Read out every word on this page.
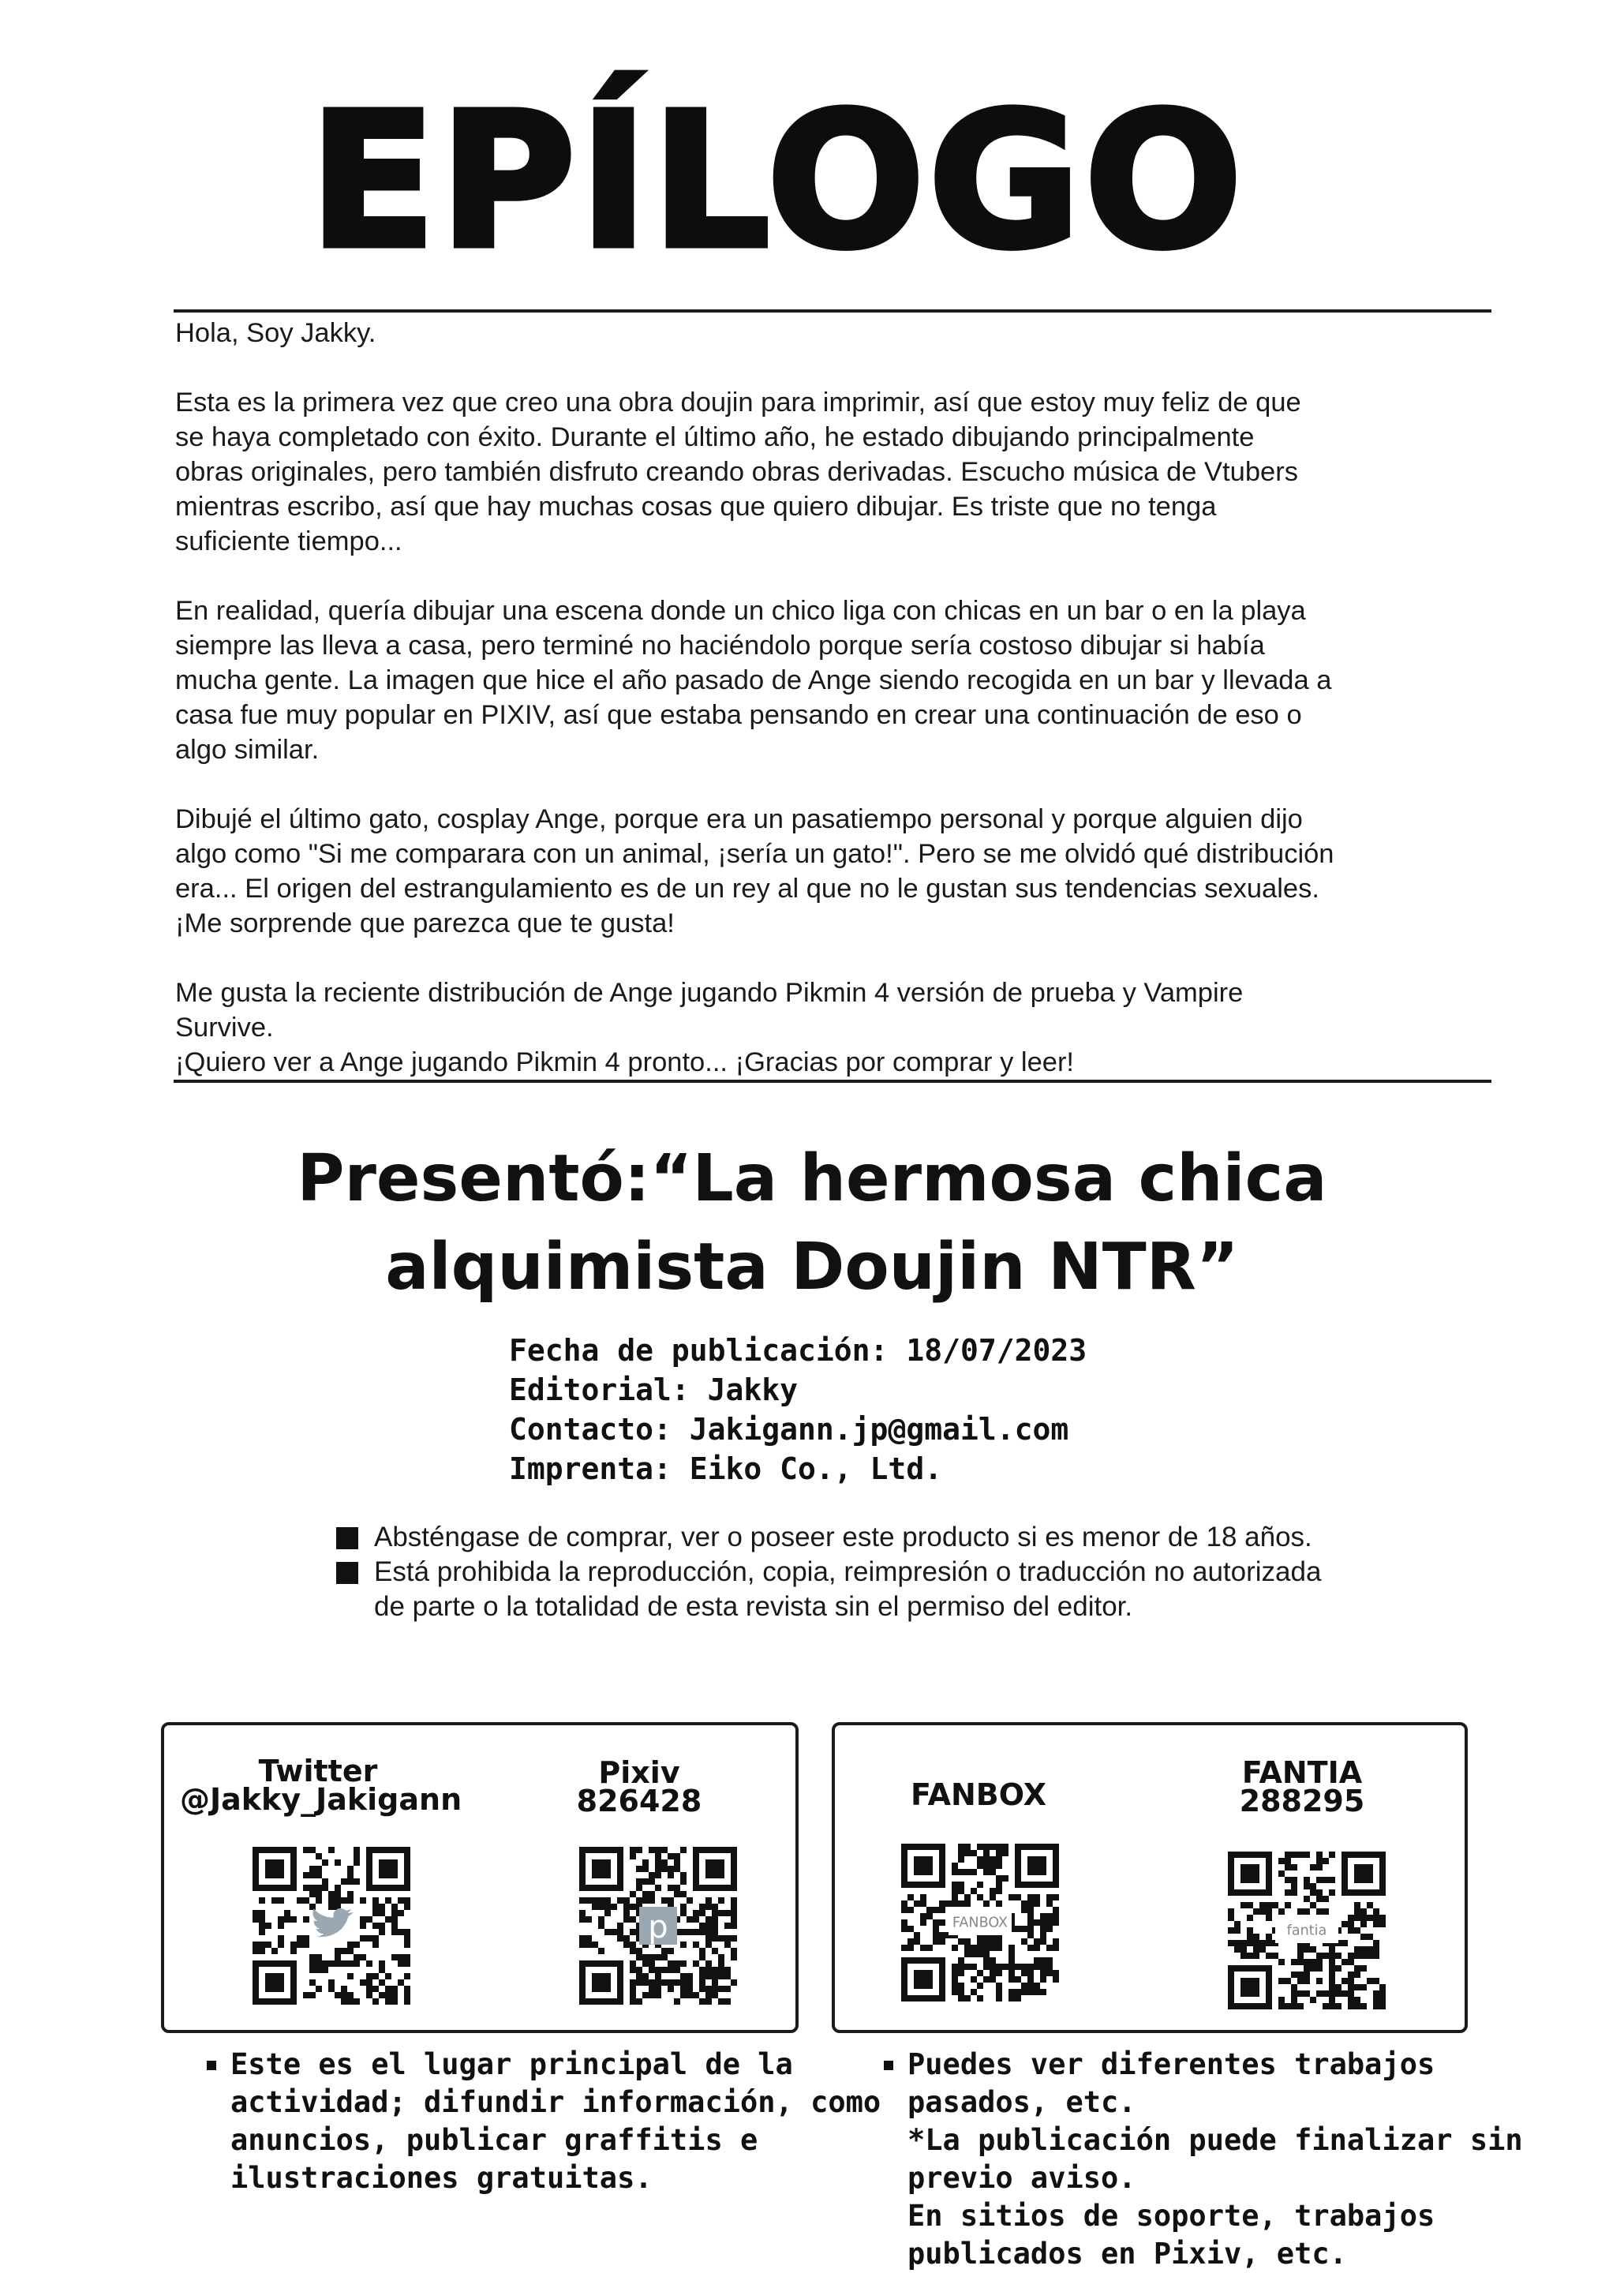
EPÍLOGO

Hola, Soy Jakky.

Esta es la primera vez que creo una obra doujin para imprimir, así que estoy muy feliz de que
se haya completado con éxito. Durante el último año, he estado dibujando principalmente
obras originales, pero también disfruto creando obras derivadas. Escucho música de Vtubers
mientras escribo, así que hay muchas cosas que quiero dibujar. Es triste que no tenga
suficiente tiempo...

En realidad, quería dibujar una escena donde un chico liga con chicas en un bar o en la playa
siempre las lleva a casa, pero terminé no haciéndolo porque sería costoso dibujar si había
mucha gente. La imagen que hice el año pasado de Ange siendo recogida en un bar y llevada a
casa fue muy popular en PIXIV, así que estaba pensando en crear una continuación de eso o
algo similar.

Dibujé el último gato, cosplay Ange, porque era un pasatiempo personal y porque alguien dijo
algo como "Si me comparara con un animal, ¡sería un gato!". Pero se me olvidó qué distribución
era... El origen del estrangulamiento es de un rey al que no le gustan sus tendencias sexuales.
¡Me sorprende que parezca que te gusta!

Me gusta la reciente distribución de Ange jugando Pikmin 4 versión de prueba y Vampire
Survive.
¡Quiero ver a Ange jugando Pikmin 4 pronto... ¡Gracias por comprar y leer!

Presentó:“La hermosa chica
alquimista Doujin NTR”
Fecha de publicación: 18/07/2023
Editorial: Jakky
Contacto: Jakigann.jp@gmail.com
Imprenta: Eiko Co., Ltd.
Absténgase de comprar, ver o poseer este producto si es menor de 18 años.
Está prohibida la reproducción, copia, reimpresión o traducción no autorizada
de parte o la totalidad de esta revista sin el permiso del editor.
Twitter
@Jakky_Jakigann
Pixiv
826428
p
FANBOX
FANTIA
288295
FANBOX	fantia
Este es el lugar principal de la
actividad; difundir información, como
anuncios, publicar graffitis e
ilustraciones gratuitas.
Puedes ver diferentes trabajos
pasados, etc.
*La publicación puede finalizar sin
previo aviso.
En sitios de soporte, trabajos
publicados en Pixiv, etc.
